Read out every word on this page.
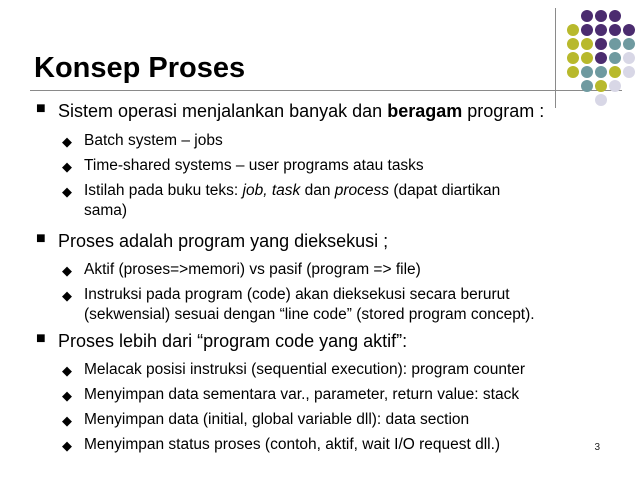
Konsep Proses
■ Sistem operasi menjalankan banyak dan beragam program :
◆ Batch system – jobs
◆ Time-shared systems – user programs atau tasks
◆ Istilah pada buku teks: job, task dan process (dapat diartikan
sama)
■ Proses adalah program yang dieksekusi ;
◆ Aktif (proses=>memori) vs pasif (program => file)
◆ Instruksi pada program (code) akan dieksekusi secara berurut
(sekwensial) sesuai dengan “line code” (stored program concept).
■ Proses lebih dari “program code yang aktif”:
◆ Melacak posisi instruksi (sequential execution): program counter
◆ Menyimpan data sementara var., parameter, return value: stack
◆ Menyimpan data (initial, global variable dll): data section
◆ Menyimpan status proses (contoh, aktif, wait I/O request dll.)	3
